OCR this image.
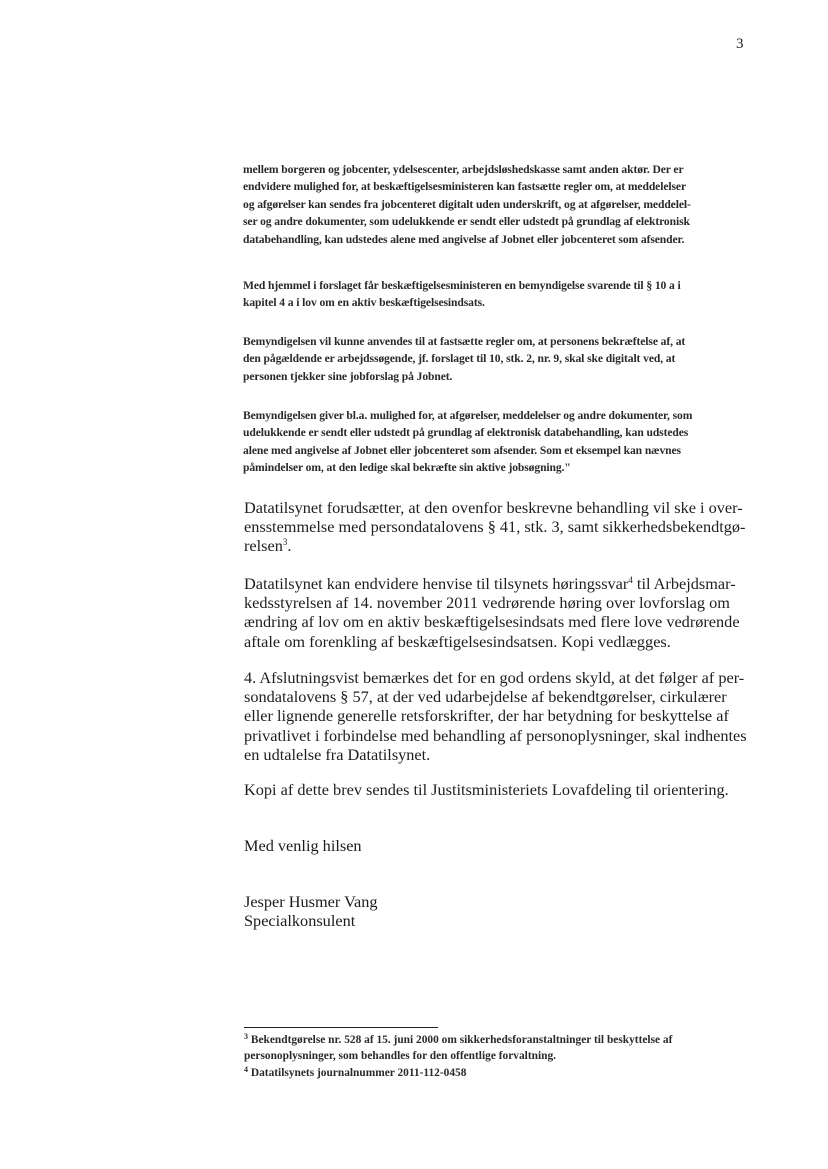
3

mellem borgeren og jobcenter, ydelsescenter, arbejdsløshedskasse samt anden aktør. Der er
endvidere mulighed for, at beskæftigelsesministeren kan fastsætte regler om, at meddelelser
og afgørelser kan sendes fra jobcenteret digitalt uden underskrift, og at afgørelser, meddelel-
ser og andre dokumenter, som udelukkende er sendt eller udstedt på grundlag af elektronisk
databehandling, kan udstedes alene med angivelse af Jobnet eller jobcenteret som afsender.

Med hjemmel i forslaget får beskæftigelsesministeren en bemyndigelse svarende til § 10 a i
kapitel 4 a i lov om en aktiv beskæftigelsesindsats.

Bemyndigelsen vil kunne anvendes til at fastsætte regler om, at personens bekræftelse af, at
den pågældende er arbejdssøgende, jf. forslaget til 10, stk. 2, nr. 9, skal ske digitalt ved, at
personen tjekker sine jobforslag på Jobnet.

Bemyndigelsen giver bl.a. mulighed for, at afgørelser, meddelelser og andre dokumenter, som
udelukkende er sendt eller udstedt på grundlag af elektronisk databehandling, kan udstedes
alene med angivelse af Jobnet eller jobcenteret som afsender. Som et eksempel kan nævnes
påmindelser om, at den ledige skal bekræfte sin aktive jobsøgning."

Datatilsynet forudsætter, at den ovenfor beskrevne behandling vil ske i over-
ensstemmelse med persondatalovens § 41, stk. 3, samt sikkerhedsbekendtgø-
relsen$^3$.

Datatilsynet kan endvidere henvise til tilsynets høringssvar$^4$ til Arbejdsmar-
kedsstyrelsen af 14. november 2011 vedrørende høring over lovforslag om
ændring af lov om en aktiv beskæftigelsesindsats med flere love vedrørende
aftale om forenkling af beskæftigelsesindsatsen. Kopi vedlægges.

4. Afslutningsvist bemærkes det for en god ordens skyld, at det følger af per-
sondatalovens § 57, at der ved udarbejdelse af bekendtgørelser, cirkulærer
eller lignende generelle retsforskrifter, der har betydning for beskyttelse af
privatlivet i forbindelse med behandling af personoplysninger, skal indhentes
en udtalelse fra Datatilsynet.

Kopi af dette brev sendes til Justitsministeriets Lovafdeling til orientering.

Med venlig hilsen

Jesper Husmer Vang

Specialkonsulent

$^3$ Bekendtgørelse nr. 528 af 15. juni 2000 om sikkerhedsforanstaltninger til beskyttelse af
personoplysninger, som behandles for den offentlige forvaltning.

$^4$ Datatilsynets journalnummer 2011-112-0458
